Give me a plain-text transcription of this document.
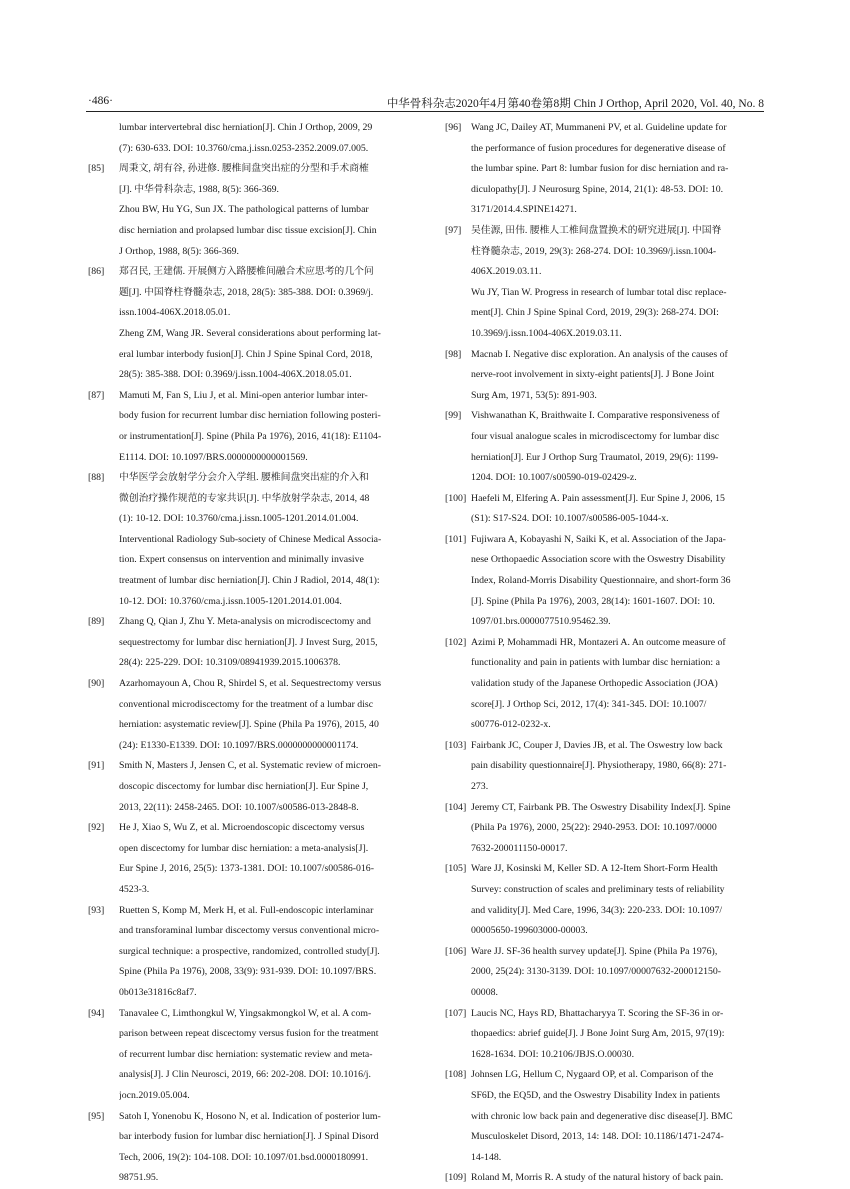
·486·	中华骨科杂志2020年4月第40卷第8期 Chin J Orthop, April 2020, Vol. 40, No. 8
lumbar intervertebral disc herniation[J]. Chin J Orthop, 2009, 29
(7): 630-633. DOI: 10.3760/cma.j.issn.0253-2352.2009.07.005.
[85] 周秉文, 胡有谷, 孙进修. 腰椎间盘突出症的分型和手术商榷
[J]. 中华骨科杂志, 1988, 8(5): 366-369.
Zhou BW, Hu YG, Sun JX. The pathological patterns of lumbar
disc herniation and prolapsed lumbar disc tissue excision[J]. Chin
J Orthop, 1988, 8(5): 366-369.
[86] 郑召民, 王建儒. 开展侧方入路腰椎间融合术应思考的几个问
题[J]. 中国脊柱脊髓杂志, 2018, 28(5): 385-388. DOI: 0.3969/j.
issn.1004-406X.2018.05.01.
Zheng ZM, Wang JR. Several considerations about performing lat-
eral lumbar interbody fusion[J]. Chin J Spine Spinal Cord, 2018,
28(5): 385-388. DOI: 0.3969/j.issn.1004-406X.2018.05.01.
[87] Mamuti M, Fan S, Liu J, et al. Mini-open anterior lumbar inter-
body fusion for recurrent lumbar disc herniation following posteri-
or instrumentation[J]. Spine (Phila Pa 1976), 2016, 41(18): E1104-
E1114. DOI: 10.1097/BRS.0000000000001569.
[88] 中华医学会放射学分会介入学组. 腰椎间盘突出症的介入和
微创治疗操作规范的专家共识[J]. 中华放射学杂志, 2014, 48
(1): 10-12. DOI: 10.3760/cma.j.issn.1005-1201.2014.01.004.
Interventional Radiology Sub-society of Chinese Medical Associa-
tion. Expert consensus on intervention and minimally invasive
treatment of lumbar disc herniation[J]. Chin J Radiol, 2014, 48(1):
10-12. DOI: 10.3760/cma.j.issn.1005-1201.2014.01.004.
[89] Zhang Q, Qian J, Zhu Y. Meta-analysis on microdiscectomy and
sequestrectomy for lumbar disc herniation[J]. J Invest Surg, 2015,
28(4): 225-229. DOI: 10.3109/08941939.2015.1006378.
[90] Azarhomayoun A, Chou R, Shirdel S, et al. Sequestrectomy versus
conventional microdiscectomy for the treatment of a lumbar disc
herniation: asystematic review[J]. Spine (Phila Pa 1976), 2015, 40
(24): E1330-E1339. DOI: 10.1097/BRS.0000000000001174.
[91] Smith N, Masters J, Jensen C, et al. Systematic review of microen-
doscopic discectomy for lumbar disc herniation[J]. Eur Spine J,
2013, 22(11): 2458-2465. DOI: 10.1007/s00586-013-2848-8.
[92] He J, Xiao S, Wu Z, et al. Microendoscopic discectomy versus
open discectomy for lumbar disc herniation: a meta-analysis[J].
Eur Spine J, 2016, 25(5): 1373-1381. DOI: 10.1007/s00586-016-
4523-3.
[93] Ruetten S, Komp M, Merk H, et al. Full-endoscopic interlaminar
and transforaminal lumbar discectomy versus conventional micro-
surgical technique: a prospective, randomized, controlled study[J].
Spine (Phila Pa 1976), 2008, 33(9): 931-939. DOI: 10.1097/BRS.
0b013e31816c8af7.
[94] Tanavalee C, Limthongkul W, Yingsakmongkol W, et al. A com-
parison between repeat discectomy versus fusion for the treatment
of recurrent lumbar disc herniation: systematic review and meta-
analysis[J]. J Clin Neurosci, 2019, 66: 202-208. DOI: 10.1016/j.
jocn.2019.05.004.
[95] Satoh I, Yonenobu K, Hosono N, et al. Indication of posterior lum-
bar interbody fusion for lumbar disc herniation[J]. J Spinal Disord
Tech, 2006, 19(2): 104-108. DOI: 10.1097/01.bsd.0000180991.
98751.95.
[96] Wang JC, Dailey AT, Mummaneni PV, et al. Guideline update for
the performance of fusion procedures for degenerative disease of
the lumbar spine. Part 8: lumbar fusion for disc herniation and ra-
diculopathy[J]. J Neurosurg Spine, 2014, 21(1): 48-53. DOI: 10.
3171/2014.4.SPINE14271.
[97] 吴佳源, 田伟. 腰椎人工椎间盘置换术的研究进展[J]. 中国脊
柱脊髓杂志, 2019, 29(3): 268-274. DOI: 10.3969/j.issn.1004-
406X.2019.03.11.
Wu JY, Tian W. Progress in research of lumbar total disc replace-
ment[J]. Chin J Spine Spinal Cord, 2019, 29(3): 268-274. DOI:
10.3969/j.issn.1004-406X.2019.03.11.
[98] Macnab I. Negative disc exploration. An analysis of the causes of
nerve-root involvement in sixty-eight patients[J]. J Bone Joint
Surg Am, 1971, 53(5): 891-903.
[99] Vishwanathan K, Braithwaite I. Comparative responsiveness of
four visual analogue scales in microdiscectomy for lumbar disc
herniation[J]. Eur J Orthop Surg Traumatol, 2019, 29(6): 1199-
1204. DOI: 10.1007/s00590-019-02429-z.
[100] Haefeli M, Elfering A. Pain assessment[J]. Eur Spine J, 2006, 15
(S1): S17-S24. DOI: 10.1007/s00586-005-1044-x.
[101] Fujiwara A, Kobayashi N, Saiki K, et al. Association of the Japa-
nese Orthopaedic Association score with the Oswestry Disability
Index, Roland-Morris Disability Questionnaire, and short-form 36
[J]. Spine (Phila Pa 1976), 2003, 28(14): 1601-1607. DOI: 10.
1097/01.brs.0000077510.95462.39.
[102] Azimi P, Mohammadi HR, Montazeri A. An outcome measure of
functionality and pain in patients with lumbar disc herniation: a
validation study of the Japanese Orthopedic Association (JOA)
score[J]. J Orthop Sci, 2012, 17(4): 341-345. DOI: 10.1007/
s00776-012-0232-x.
[103] Fairbank JC, Couper J, Davies JB, et al. The Oswestry low back
pain disability questionnaire[J]. Physiotherapy, 1980, 66(8): 271-
273.
[104] Jeremy CT, Fairbank PB. The Oswestry Disability Index[J]. Spine
(Phila Pa 1976), 2000, 25(22): 2940-2953. DOI: 10.1097/0000
7632-200011150-00017.
[105] Ware JJ, Kosinski M, Keller SD. A 12-Item Short-Form Health
Survey: construction of scales and preliminary tests of reliability
and validity[J]. Med Care, 1996, 34(3): 220-233. DOI: 10.1097/
00005650-199603000-00003.
[106] Ware JJ. SF-36 health survey update[J]. Spine (Phila Pa 1976),
2000, 25(24): 3130-3139. DOI: 10.1097/00007632-200012150-
00008.
[107] Laucis NC, Hays RD, Bhattacharyya T. Scoring the SF-36 in or-
thopaedics: abrief guide[J]. J Bone Joint Surg Am, 2015, 97(19):
1628-1634. DOI: 10.2106/JBJS.O.00030.
[108] Johnsen LG, Hellum C, Nygaard OP, et al. Comparison of the
SF6D, the EQ5D, and the Oswestry Disability Index in patients
with chronic low back pain and degenerative disc disease[J]. BMC
Musculoskelet Disord, 2013, 14: 148. DOI: 10.1186/1471-2474-
14-148.
[109] Roland M, Morris R. A study of the natural history of back pain.
